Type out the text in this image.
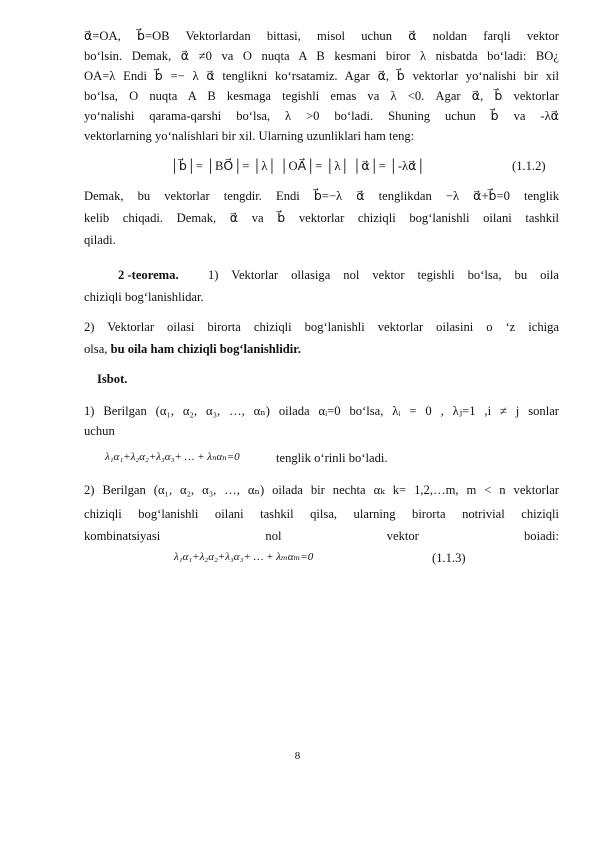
α⃗=OA, b⃗=OB Vektorlardan bittasi, misol uchun α⃗ noldan farqli vektor
bo‘lsin. Demak, α⃗ ≠0 va O nuqta A B kesmani biror λ nisbatda bo‘ladi: BO¿
OA=λ Endi b⃗ =− λ α⃗ tenglikni ko‘rsatamiz. Agar α⃗, b⃗ vektorlar yo‘nalishi bir xil
bo‘lsa, O nuqta A B kesmaga tegishli emas va λ <0. Agar α⃗, b⃗ vektorlar
yo‘nalishi qarama-qarshi bo‘lsa, λ >0 bo‘ladi. Shuning uchun b⃗ va -λα⃗
vektorlarning yo‘nalishlari bir xil. Ularning uzunliklari ham teng:
│b⃗│= │BO⃗│= │λ│ │OA⃗│= │λ│ │α⃗│= │-λα⃗│	(1.1.2)
Demak, bu vektorlar tengdir. Endi b⃗=−λ α⃗ tenglikdan −λ α⃗+b⃗=0 tenglik
kelib chiqadi. Demak, α⃗ va b⃗ vektorlar chiziqli bog‘lanishli oilani tashkil
qiladi.
2 -teorema. 1) Vektorlar ollasiga nol vektor tegishli bo‘lsa, bu oila
chiziqli bog‘lanishlidar.
2) Vektorlar oilasi birorta chiziqli bog‘lanishli vektorlar oilasini o ‘z ichiga
olsa, bu oila ham chiziqli bog‘lanishlidir.
Isbot.
1) Berilgan (α₁, α₂, α₃, …, αₙ) oilada αᵢ=0 bo‘lsa, λᵢ = 0 , λⱼ=1 ,i ≠ j sonlar
uchun
λ₁α₁+λ₂α₂+λ₃α₃+ … + λₙαₙ=0	tenglik o‘rinli bo‘ladi.
2) Berilgan (α₁, α₂, α₃, …, αₙ) oilada bir nechta αₖ k= 1,2,…m, m < n vektorlar
chiziqli bog‘lanishli oilani tashkil qilsa, ularning birorta notrivial chiziqli
kombinatsiyasi nol vektor boiadi:
λ₁α₁+λ₂α₂+λ₃α₃+ … + λₘαₘ=0	(1.1.3)
8
